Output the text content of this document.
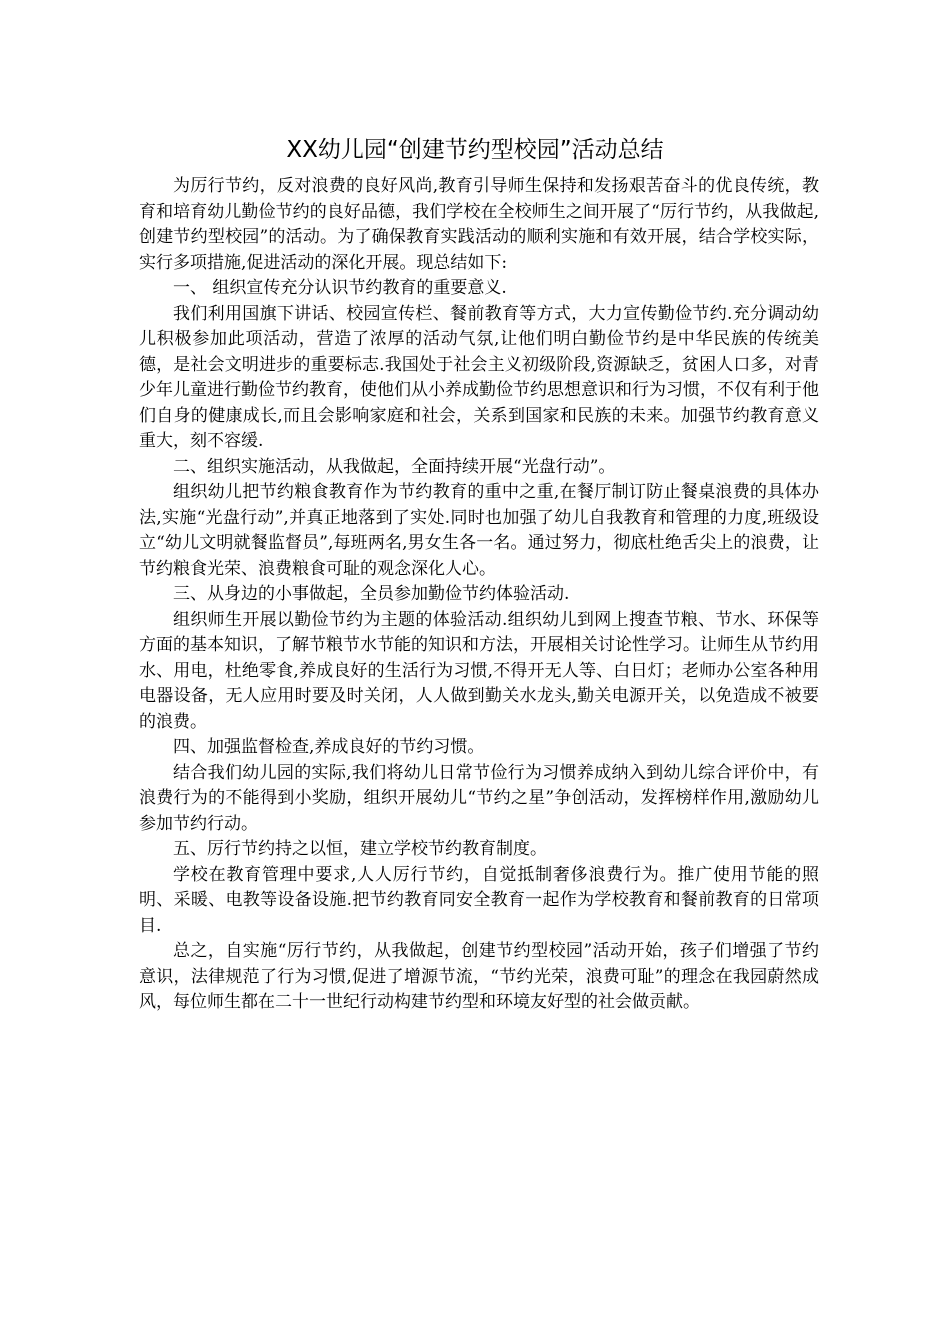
XX幼儿园“创建节约型校园”活动总结

为厉行节约，反对浪费的良好风尚,教育引导师生保持和发扬艰苦奋斗的优良传统，教育和培育幼儿勤俭节约的良好品德，我们学校在全校师生之间开展了“厉行节约，从我做起,创建节约型校园”的活动。为了确保教育实践活动的顺利实施和有效开展，结合学校实际，实行多项措施,促进活动的深化开展。现总结如下:

一、 组织宣传充分认识节约教育的重要意义.

我们利用国旗下讲话、校园宣传栏、餐前教育等方式，大力宣传勤俭节约.充分调动幼儿积极参加此项活动，营造了浓厚的活动气氛,让他们明白勤俭节约是中华民族的传统美德，是社会文明进步的重要标志.我国处于社会主义初级阶段,资源缺乏，贫困人口多，对青少年儿童进行勤俭节约教育，使他们从小养成勤俭节约思想意识和行为习惯，不仅有利于他们自身的健康成长,而且会影响家庭和社会，关系到国家和民族的未来。加强节约教育意义重大，刻不容缓.

二、组织实施活动，从我做起，全面持续开展“光盘行动”。

组织幼儿把节约粮食教育作为节约教育的重中之重,在餐厅制订防止餐桌浪费的具体办法,实施“光盘行动”,并真正地落到了实处.同时也加强了幼儿自我教育和管理的力度,班级设立“幼儿文明就餐监督员”,每班两名,男女生各一名。通过努力，彻底杜绝舌尖上的浪费，让节约粮食光荣、浪费粮食可耻的观念深化人心。

三、从身边的小事做起，全员参加勤俭节约体验活动.

组织师生开展以勤俭节约为主题的体验活动.组织幼儿到网上搜查节粮、节水、环保等方面的基本知识，了解节粮节水节能的知识和方法，开展相关讨论性学习。让师生从节约用水、用电，杜绝零食,养成良好的生活行为习惯,不得开无人等、白日灯；老师办公室各种用电器设备，无人应用时要及时关闭，人人做到勤关水龙头,勤关电源开关，以免造成不被要的浪费。

四、加强监督检查,养成良好的节约习惯。

结合我们幼儿园的实际,我们将幼儿日常节俭行为习惯养成纳入到幼儿综合评价中，有浪费行为的不能得到小奖励，组织开展幼儿“节约之星”争创活动，发挥榜样作用,激励幼儿参加节约行动。

五、厉行节约持之以恒，建立学校节约教育制度。

学校在教育管理中要求,人人厉行节约，自觉抵制奢侈浪费行为。推广使用节能的照明、采暖、电教等设备设施.把节约教育同安全教育一起作为学校教育和餐前教育的日常项目.

总之，自实施“厉行节约，从我做起，创建节约型校园”活动开始，孩子们增强了节约意识，法律规范了行为习惯,促进了增源节流，“节约光荣，浪费可耻”的理念在我园蔚然成风，每位师生都在二十一世纪行动构建节约型和环境友好型的社会做贡献。
